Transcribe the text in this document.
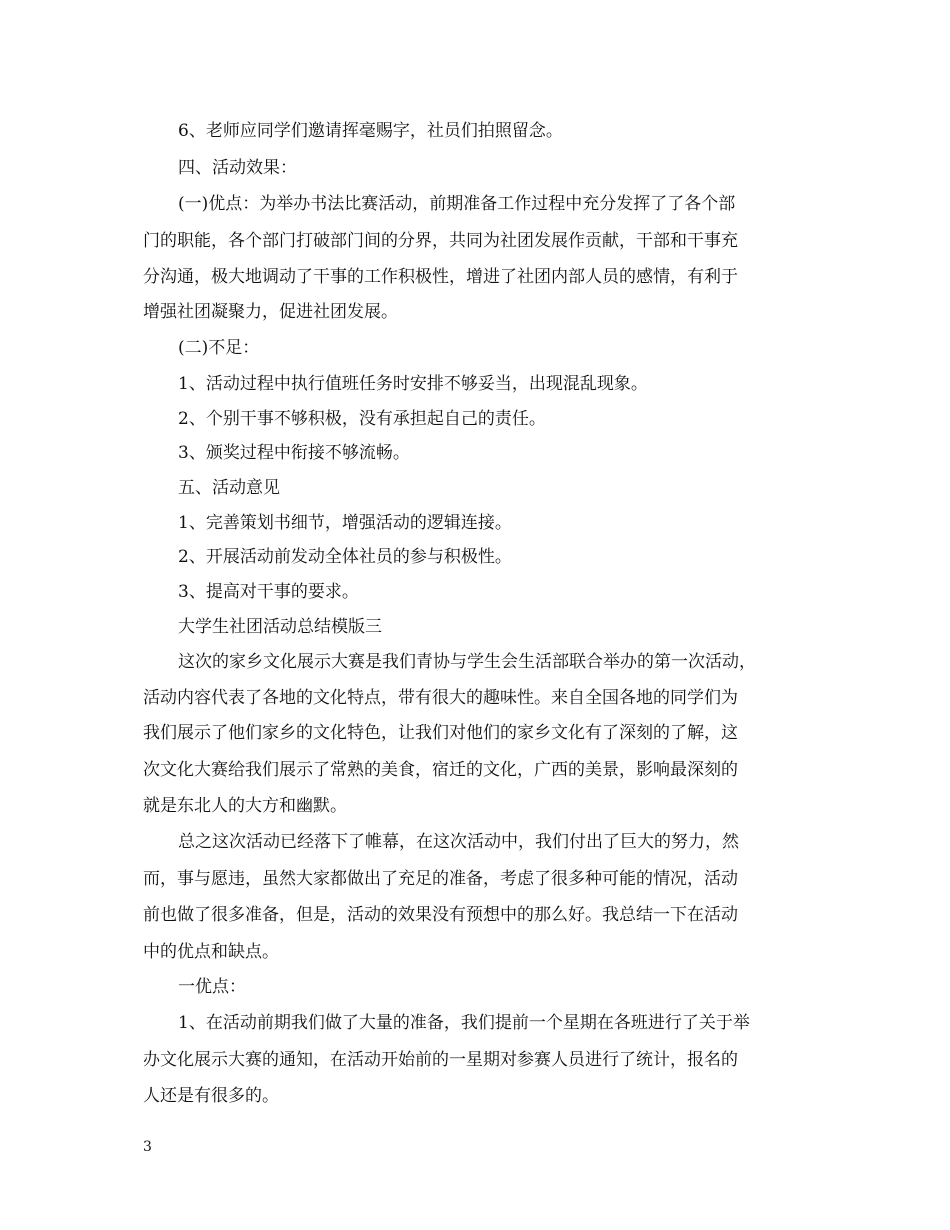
6、老师应同学们邀请挥毫赐字，社员们拍照留念。
四、活动效果：
(一)优点：为举办书法比赛活动，前期准备工作过程中充分发挥了了各个部
门的职能，各个部门打破部门间的分界，共同为社团发展作贡献，干部和干事充
分沟通，极大地调动了干事的工作积极性，增进了社团内部人员的感情，有利于
增强社团凝聚力，促进社团发展。
(二)不足：
1、活动过程中执行值班任务时安排不够妥当，出现混乱现象。
2、个别干事不够积极，没有承担起自己的责任。
3、颁奖过程中衔接不够流畅。
五、活动意见
1、完善策划书细节，增强活动的逻辑连接。
2、开展活动前发动全体社员的参与积极性。
3、提高对干事的要求。
大学生社团活动总结模版三
这次的家乡文化展示大赛是我们青协与学生会生活部联合举办的第一次活动，
活动内容代表了各地的文化特点，带有很大的趣味性。来自全国各地的同学们为
我们展示了他们家乡的文化特色，让我们对他们的家乡文化有了深刻的了解，这
次文化大赛给我们展示了常熟的美食，宿迁的文化，广西的美景，影响最深刻的
就是东北人的大方和幽默。
总之这次活动已经落下了帷幕，在这次活动中，我们付出了巨大的努力，然
而，事与愿违，虽然大家都做出了充足的准备，考虑了很多种可能的情况，活动
前也做了很多准备，但是，活动的效果没有预想中的那么好。我总结一下在活动
中的优点和缺点。
一优点：
1、在活动前期我们做了大量的准备，我们提前一个星期在各班进行了关于举
办文化展示大赛的通知，在活动开始前的一星期对参赛人员进行了统计，报名的
人还是有很多的。
3
